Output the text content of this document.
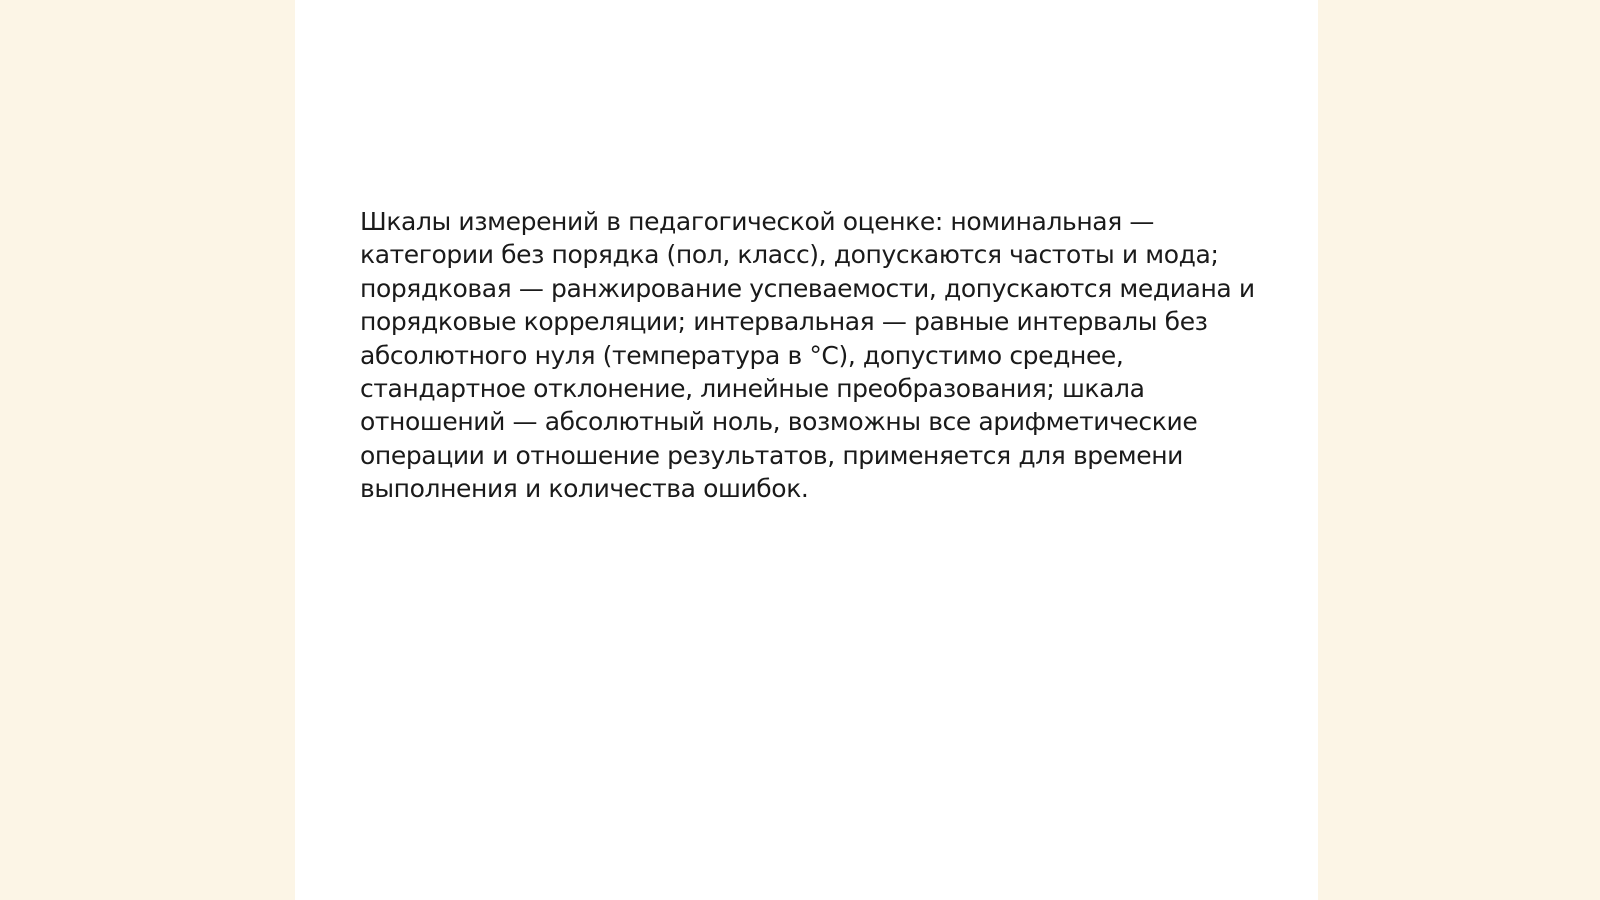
Шкалы измерений в педагогической оценке: номинальная — категории без порядка (пол, класс), допускаются частоты и мода; порядковая — ранжирование успеваемости, допускаются медиана и порядковые корреляции; интервальная — равные интервалы без абсолютного нуля (температура в °C), допустимо среднее, стандартное отклонение, линейные преобразования; шкала отношений — абсолютный ноль, возможны все арифметические операции и отношение результатов, применяется для времени выполнения и количества ошибок.
